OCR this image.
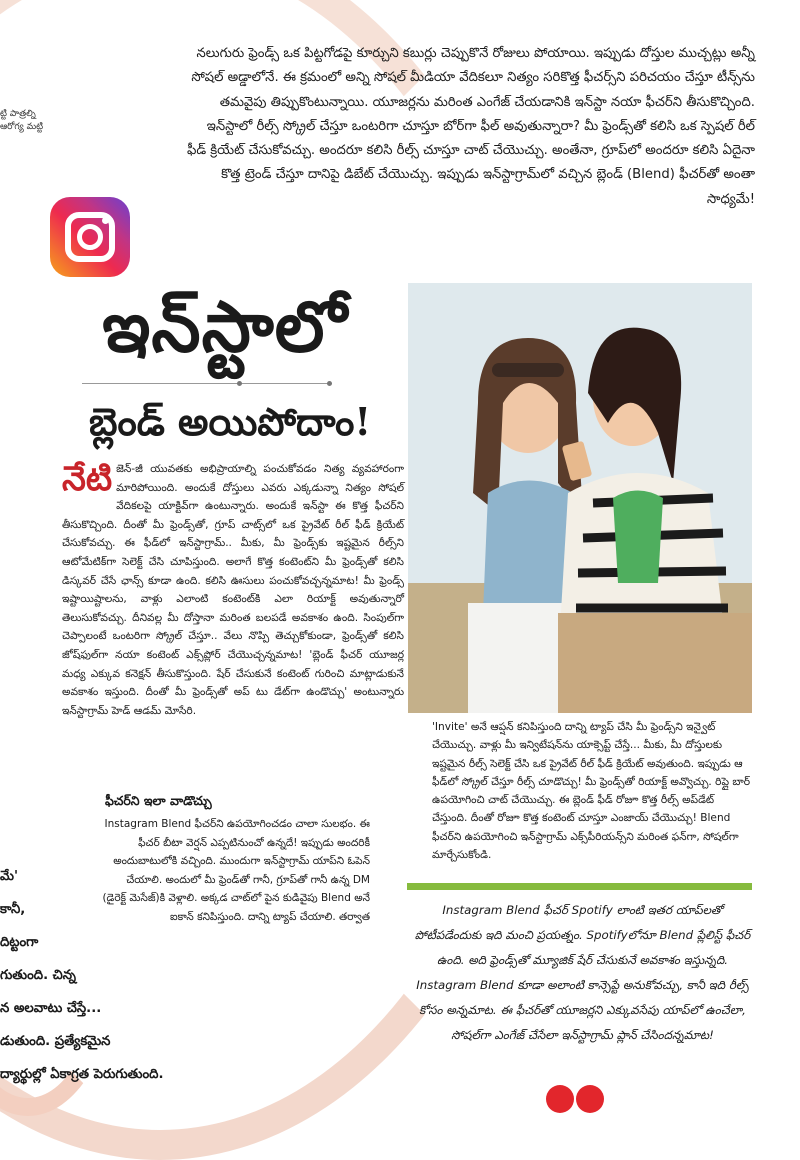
ట్టి పాత్రల్ని ఆరోగ్య మట్టి
నలుగురు ఫ్రెండ్స్ ఒక పిట్టగోడపై కూర్చుని కబుర్లు చెప్పుకొనే రోజులు పోయాయి. ఇప్పుడు దోస్తుల ముచ్చట్లు అన్నీ సోషల్ అడ్డాలోనే. ఈ క్రమంలో అన్ని సోషల్ మీడియా వేదికలూ నిత్యం సరికొత్త ఫీచర్స్‌ని పరిచయం చేస్తూ టీన్స్‌ను తమవైపు తిప్పుకొంటున్నాయి. యూజర్లను మరింత ఎంగేజ్ చేయడానికి ఇన్‌స్టా నయా ఫీచర్‌ని తీసుకొచ్చింది. ఇన్‌స్టాలో రీల్స్ స్క్రోల్ చేస్తూ ఒంటరిగా చూస్తూ బోర్‌గా ఫీల్ అవుతున్నారా? మీ ఫ్రెండ్స్‌తో కలిసి ఒక స్పెషల్ రీల్ ఫీడ్ క్రియేట్ చేసుకోవచ్చు. అందరూ కలిసి రీల్స్ చూస్తూ చాట్ చేయొచ్చు. అంతేనా, గ్రూప్‌లో అందరూ కలిసి ఏదైనా కొత్త ట్రెండ్ చేస్తూ దానిపై డిబేట్ చేయొచ్చు. ఇప్పుడు ఇన్‌స్టాగ్రామ్‌లో వచ్చిన బ్లెండ్ (Blend) ఫీచర్‌తో అంతా సాధ్యమే!
ఇన్‌స్టాలో
బ్లెండ్ అయిపోదాం!
నేటి జెన్-జీ యువతకు అభిప్రాయాల్ని పంచుకోవడం నిత్య వ్యవహారంగా మారిపోయింది. అందుకే దోస్తులు ఎవరు ఎక్కడున్నా నిత్యం సోషల్ వేదికలపై యాక్టివ్‌గా ఉంటున్నారు. అందుకే ఇన్‌స్టా ఈ కొత్త ఫీచర్‌ని తీసుకొచ్చింది. దీంతో మీ ఫ్రెండ్స్‌తో, గ్రూప్ చాట్స్‌లో ఒక ప్రైవేట్ రీల్ ఫీడ్ క్రియేట్ చేసుకోవచ్చు. ఈ ఫీడ్‌లో ఇన్‌స్టాగ్రామ్.. మీకు, మీ ఫ్రెండ్స్‌కు ఇష్టమైన రీల్స్‌ని ఆటోమేటిక్‌గా సెలెక్ట్ చేసి చూపిస్తుంది. అలాగే కొత్త కంటెంట్‌ని మీ ఫ్రెండ్స్‌తో కలిసి డిస్కవర్ చేసే ఛాన్స్ కూడా ఉంది. కలిసి ఊసులు పంచుకోవచ్చన్నమాట! మీ ఫ్రెండ్స్ ఇష్టాయిష్టాలను, వాళ్లు ఎలాంటి కంటెంట్‌కి ఎలా రియాక్ట్ అవుతున్నారో తెలుసుకోవచ్చు. దీనివల్ల మీ దోస్తానా మరింత బలపడే అవకాశం ఉంది. సింపుల్‌గా చెప్పాలంటే ఒంటరిగా స్క్రోల్ చేస్తూ.. వేలు నొప్పి తెచ్చుకోకుండా, ఫ్రెండ్స్‌తో కలిసి జోష్‌ఫుల్‌గా నయా కంటెంట్ ఎక్స్‌ప్లోర్ చేయొచ్చన్నమాట! 'బ్లెండ్ ఫీచర్ యూజర్ల మధ్య ఎక్కువ కనెక్షన్ తీసుకొస్తుంది. షేర్ చేసుకునే కంటెంట్ గురించి మాట్లాడుకునే అవకాశం ఇస్తుంది. దీంతో మీ ఫ్రెండ్స్‌తో అప్ టు డేట్‌గా ఉండొచ్చు' అంటున్నారు ఇన్‌స్టాగ్రామ్ హెడ్ ఆడమ్ మోసేరి.
ఫీచర్‌ని ఇలా వాడొచ్చు
Instagram Blend ఫీచర్‌ని ఉపయోగించడం చాలా సులభం. ఈ ఫీచర్ బీటా వెర్షన్ ఎప్పటినుంచో ఉన్నదే! ఇప్పుడు అందరికీ అందుబాటులోకి వచ్చింది. ముందుగా ఇన్‌స్టాగ్రామ్ యాప్‌ని ఓపెన్ చేయాలి. అందులో మీ ఫ్రెండ్‌తో గానీ, గ్రూప్‌తో గానీ ఉన్న DM (డైరెక్ట్ మెసేజ్)కి వెళ్లాలి. అక్కడ చాట్‌లో పైన కుడివైపు Blend అనే ఐకాన్ కనిపిస్తుంది. దాన్ని ట్యాప్ చేయాలి. తర్వాత
'Invite' అనే ఆప్షన్ కనిపిస్తుంది దాన్ని ట్యాప్ చేసి మీ ఫ్రెండ్స్‌ని ఇన్వైట్ చేయొచ్చు. వాళ్లు మీ ఇన్విటేషన్‌ను యాక్సెప్ట్ చేస్తే... మీకు, మీ దోస్తులకు ఇష్టమైన రీల్స్ సెలెక్ట్ చేసి ఒక ప్రైవేట్ రీల్ ఫీడ్ క్రియేట్ అవుతుంది. ఇప్పుడు ఆ ఫీడ్‌లో స్క్రోల్ చేస్తూ రీల్స్ చూడొచ్చు! మీ ఫ్రెండ్స్‌తో రియాక్ట్ అవ్వొచ్చు. రిప్లై బార్ ఉపయోగించి చాట్ చేయొచ్చు. ఈ బ్లెండ్ ఫీడ్ రోజూ కొత్త రీల్స్ అప్‌డేట్ చేస్తుంది. దీంతో రోజూ కొత్త కంటెంట్ చూస్తూ ఎంజాయ్ చేయొచ్చు! Blend ఫీచర్‌ని ఉపయోగించి ఇన్‌స్టాగ్రామ్ ఎక్స్‌పీరియన్స్‌ని మరింత ఫన్‌గా, సోషల్‌గా మార్చేసుకోండి.
Instagram Blend ఫీచర్ Spotify లాంటి ఇతర యాప్‌లతో పోటీపడేందుకు ఇది మంచి ప్రయత్నం. Spotifyలోనూ Blend ప్లేలిస్ట్ ఫీచర్ ఉంది. అది ఫ్రెండ్స్‌తో మ్యూజిక్ షేర్ చేసుకునే అవకాశం ఇస్తున్నది. Instagram Blend కూడా అలాంటి కాన్సెప్టే అనుకోవచ్చు, కానీ ఇది రీల్స్ కోసం అన్నమాట. ఈ ఫీచర్‌తో యూజర్లని ఎక్కువసేపు యాప్‌లో ఉంచేలా, సోషల్‌గా ఎంగేజ్ చేసేలా ఇన్‌స్టాగ్రామ్ ప్లాన్ చేసిందన్నమాట!
మే'
కానీ,
దిట్టంగా
గుతుంది. చిన్న
న అలవాటు చేస్తే...
డుతుంది. ప్రత్యేకమైన
ద్యార్థుల్లో ఏకాగ్రత పెరుగుతుంది.
